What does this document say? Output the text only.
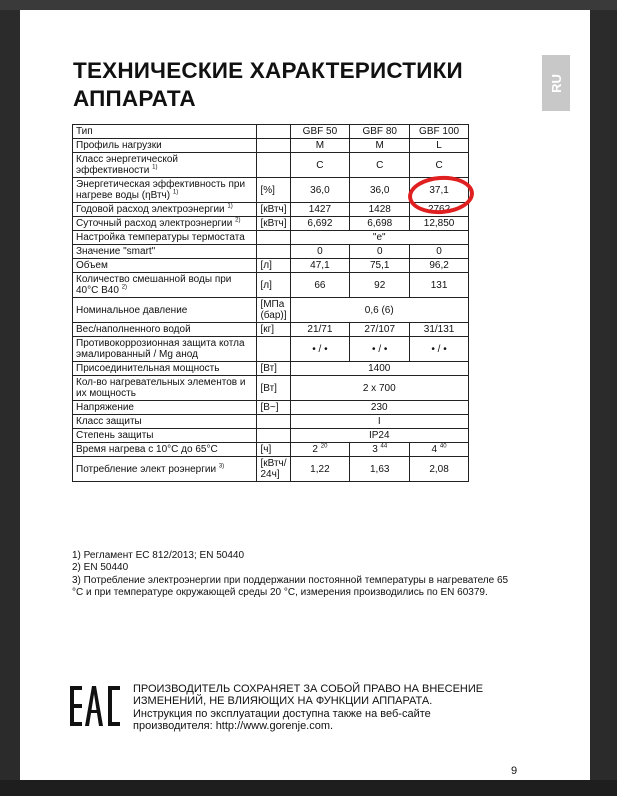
RU
ТЕХНИЧЕСКИЕ ХАРАКТЕРИСТИКИ
АППАРАТА
Тип		GBF 50	GBF 80	GBF 100
Профиль нагрузки		M	M	L
Класс энергетической эффективности $^{1)}$		C	C	C
Энергетическая эффективность при нагреве воды (ηВтч) $^{1)}$	[%]	36,0	36,0	37,1
Годовой расход электроэнергии $^{1)}$	[кВтч]	1427	1428	2762
Суточный расход электроэнергии $^{2)}$	[кВтч]	6,692	6,698	12,850
Настройка температуры термостата		"e"		
Значение "smart"		0	0	0
Объем	[л]	47,1	75,1	96,2
Количество смешанной воды при 40°С В40 $^{2)}$	[л]	66	92	131
Номинальное давление	[МПа (бар)]	0,6 (6)		
Вес/наполненного водой	[кг]	21/71	27/107	31/131
Противокоррозионная защита котла эмалированный / Mg анод		• / •	• / •	• / •
Присоединительная мощность	[Вт]	1400		
Кол-во нагревательных элементов и их мощность	[Вт]	2 x 700		
Напряжение	[В~]	230		
Класс защиты		I		
Степень защиты		IP24		
Время нагрева с 10°С до 65°С	[ч]	2 $^{20}$	3 $^{44}$	4 $^{40}$
Потребление элект роэнергии $^{3)}$	[кВтч/ 24ч]	1,22	1,63	2,08
1) Регламент ЕС 812/2013; EN 50440
2) EN 50440
3) Потребление электроэнергии при поддержании постоянной температуры в нагревателе 65 °С и при температуре окружающей среды 20 °С, измерения производились по EN 60379.
ПРОИЗВОДИТЕЛЬ СОХРАНЯЕТ ЗА СОБОЙ ПРАВО НА ВНЕСЕНИЕ
ИЗМЕНЕНИЙ, НЕ ВЛИЯЮЩИХ НА ФУНКЦИИ АППАРАТА.
Инструкция по эксплуатации доступна также на веб-сайте
производителя: http://www.gorenje.com.
9
